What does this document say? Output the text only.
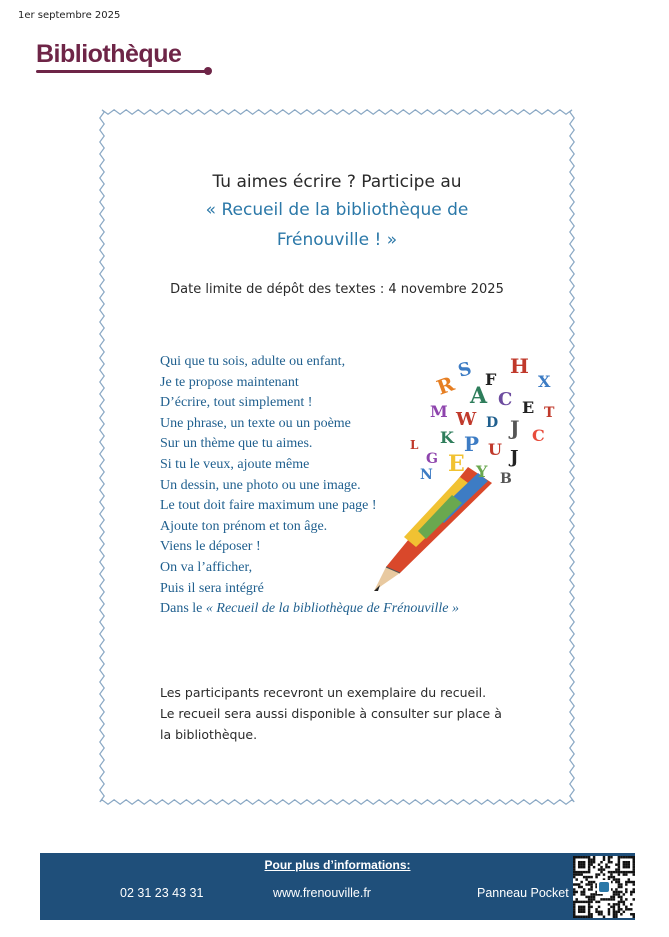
1er septembre 2025
Bibliothèque
Tu aimes écrire ? Participe au
« Recueil de la bibliothèque de
Frénouville ! »
Date limite de dépôt des textes : 4 novembre 2025
Qui que tu sois, adulte ou enfant,
Je te propose maintenant
D’écrire, tout simplement !
Une phrase, un texte ou un poème
Sur un thème que tu aimes.
Si tu le veux, ajoute même
Un dessin, une photo ou une image.
Le tout doit faire maximum une page !
Ajoute ton prénom et ton âge.
Viens le déposer !
On va l’afficher,
Puis il sera intégré
Dans le « Recueil de la bibliothèque de Frénouville »
S F
H
X
R A C E T
M W D J C
K P U J
G E Y
L
N	B
Les participants recevront un exemplaire du recueil.
Le recueil sera aussi disponible à consulter sur place à
la bibliothèque.
Pour plus d’informations:
02 31 23 43 31	www.frenouville.fr	Panneau Pocket
